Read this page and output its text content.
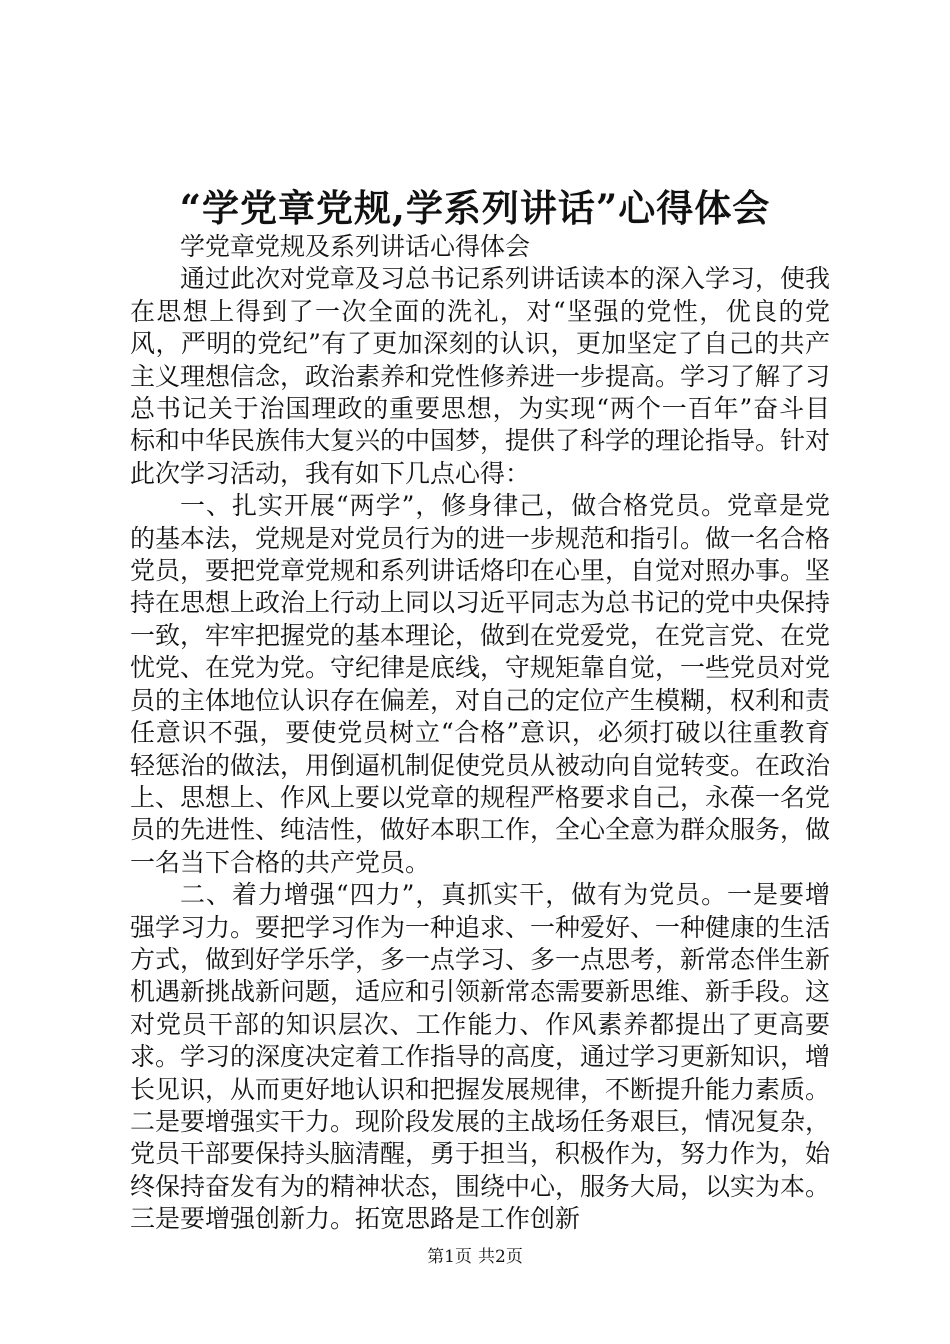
“学党章党规,学系列讲话”心得体会

学党章党规及系列讲话心得体会

通过此次对党章及习总书记系列讲话读本的深入学习，使我在思想上得到了一次全面的洗礼，对“坚强的党性，优良的党风，严明的党纪”有了更加深刻的认识，更加坚定了自己的共产主义理想信念，政治素养和党性修养进一步提高。学习了解了习总书记关于治国理政的重要思想，为实现“两个一百年”奋斗目标和中华民族伟大复兴的中国梦，提供了科学的理论指导。针对此次学习活动，我有如下几点心得：

一、扎实开展“两学”，修身律己，做合格党员。党章是党的基本法，党规是对党员行为的进一步规范和指引。做一名合格党员，要把党章党规和系列讲话烙印在心里，自觉对照办事。坚持在思想上政治上行动上同以习近平同志为总书记的党中央保持一致，牢牢把握党的基本理论，做到在党爱党，在党言党、在党忧党、在党为党。守纪律是底线，守规矩靠自觉，一些党员对党员的主体地位认识存在偏差，对自己的定位产生模糊，权利和责任意识不强，要使党员树立“合格”意识，必须打破以往重教育轻惩治的做法，用倒逼机制促使党员从被动向自觉转变。在政治上、思想上、作风上要以党章的规程严格要求自己，永葆一名党员的先进性、纯洁性，做好本职工作，全心全意为群众服务，做一名当下合格的共产党员。

二、着力增强“四力”，真抓实干，做有为党员。一是要增强学习力。要把学习作为一种追求、一种爱好、一种健康的生活方式，做到好学乐学，多一点学习、多一点思考，新常态伴生新机遇新挑战新问题，适应和引领新常态需要新思维、新手段。这对党员干部的知识层次、工作能力、作风素养都提出了更高要求。学习的深度决定着工作指导的高度，通过学习更新知识，增长见识，从而更好地认识和把握发展规律，不断提升能力素质。二是要增强实干力。现阶段发展的主战场任务艰巨，情况复杂，党员干部要保持头脑清醒，勇于担当，积极作为，努力作为，始终保持奋发有为的精神状态，围绕中心，服务大局，以实为本。三是要增强创新力。拓宽思路是工作创新

第1页 共2页
